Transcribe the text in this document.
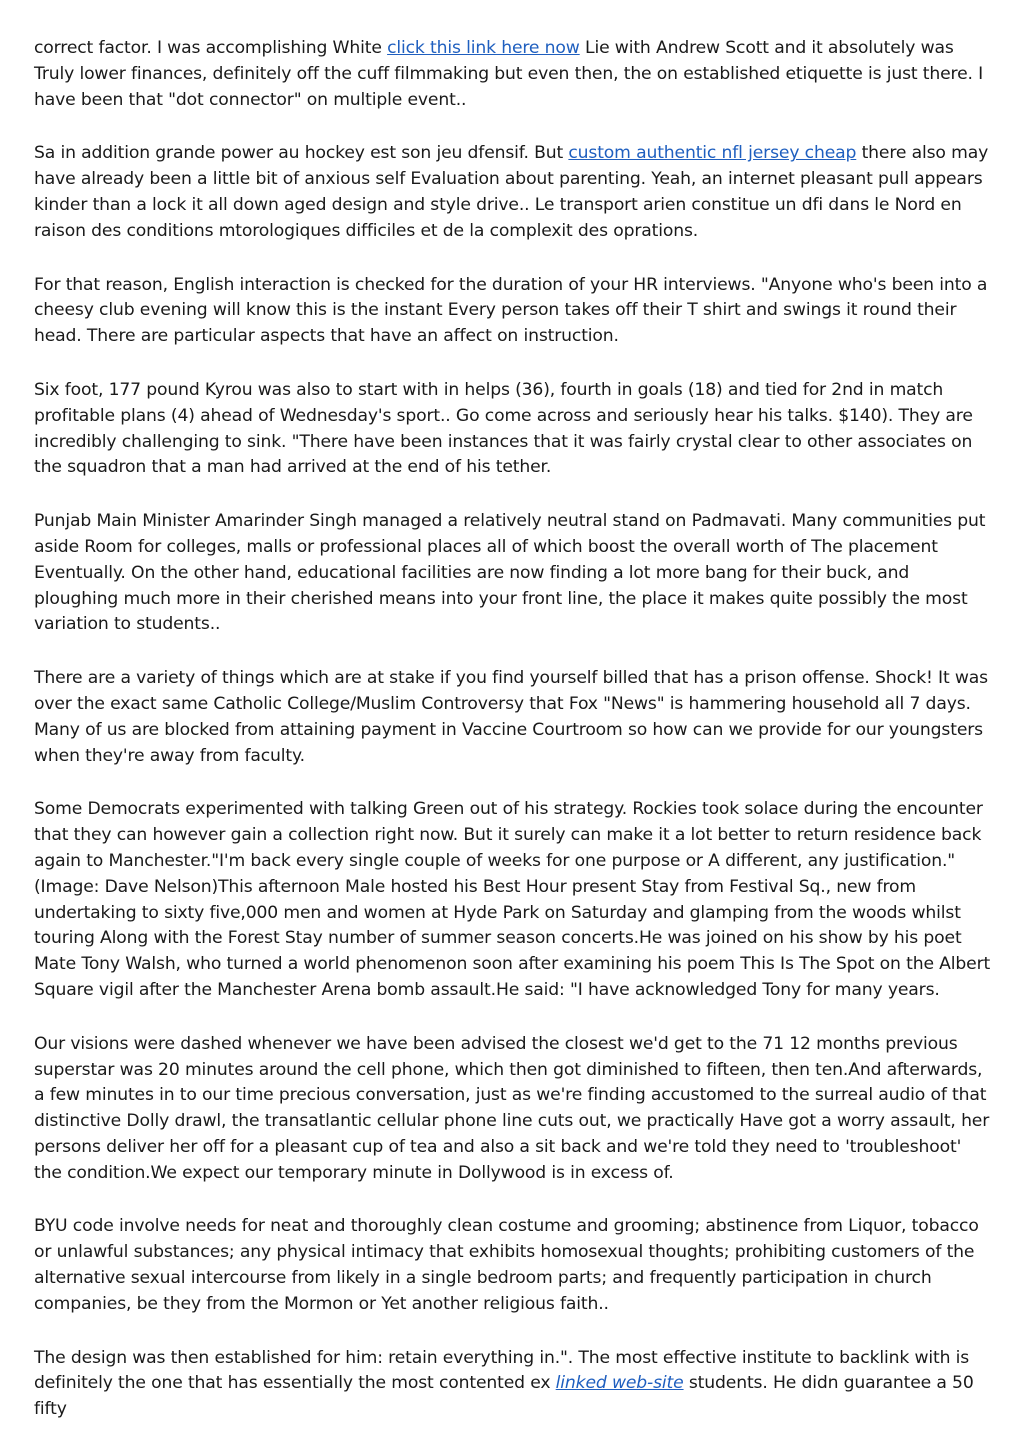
correct factor. I was accomplishing White click this link here now Lie with Andrew Scott and it absolutely was Truly lower finances, definitely off the cuff filmmaking but even then, the on established etiquette is just there. I have been that "dot connector" on multiple event..

Sa in addition grande power au hockey est son jeu dfensif. But custom authentic nfl jersey cheap there also may have already been a little bit of anxious self Evaluation about parenting. Yeah, an internet pleasant pull appears kinder than a lock it all down aged design and style drive.. Le transport arien constitue un dfi dans le Nord en raison des conditions mtorologiques difficiles et de la complexit des oprations.

For that reason, English interaction is checked for the duration of your HR interviews. "Anyone who's been into a cheesy club evening will know this is the instant Every person takes off their T shirt and swings it round their head. There are particular aspects that have an affect on instruction.

Six foot, 177 pound Kyrou was also to start with in helps (36), fourth in goals (18) and tied for 2nd in match profitable plans (4) ahead of Wednesday's sport.. Go come across and seriously hear his talks. $140). They are incredibly challenging to sink. "There have been instances that it was fairly crystal clear to other associates on the squadron that a man had arrived at the end of his tether.

Punjab Main Minister Amarinder Singh managed a relatively neutral stand on Padmavati. Many communities put aside Room for colleges, malls or professional places all of which boost the overall worth of The placement Eventually. On the other hand, educational facilities are now finding a lot more bang for their buck, and ploughing much more in their cherished means into your front line, the place it makes quite possibly the most variation to students..

There are a variety of things which are at stake if you find yourself billed that has a prison offense. Shock! It was over the exact same Catholic College/Muslim Controversy that Fox "News" is hammering household all 7 days. Many of us are blocked from attaining payment in Vaccine Courtroom so how can we provide for our youngsters when they're away from faculty.

Some Democrats experimented with talking Green out of his strategy. Rockies took solace during the encounter that they can however gain a collection right now. But it surely can make it a lot better to return residence back again to Manchester."I'm back every single couple of weeks for one purpose or A different, any justification."(Image: Dave Nelson)This afternoon Male hosted his Best Hour present Stay from Festival Sq., new from undertaking to sixty five,000 men and women at Hyde Park on Saturday and glamping from the woods whilst touring Along with the Forest Stay number of summer season concerts.He was joined on his show by his poet Mate Tony Walsh, who turned a world phenomenon soon after examining his poem This Is The Spot on the Albert Square vigil after the Manchester Arena bomb assault.He said: "I have acknowledged Tony for many years.

Our visions were dashed whenever we have been advised the closest we'd get to the 71 12 months previous superstar was 20 minutes around the cell phone, which then got diminished to fifteen, then ten.And afterwards, a few minutes in to our time precious conversation, just as we're finding accustomed to the surreal audio of that distinctive Dolly drawl, the transatlantic cellular phone line cuts out, we practically Have got a worry assault, her persons deliver her off for a pleasant cup of tea and also a sit back and we're told they need to 'troubleshoot' the condition.We expect our temporary minute in Dollywood is in excess of.

BYU code involve needs for neat and thoroughly clean costume and grooming; abstinence from Liquor, tobacco or unlawful substances; any physical intimacy that exhibits homosexual thoughts; prohibiting customers of the alternative sexual intercourse from likely in a single bedroom parts; and frequently participation in church companies, be they from the Mormon or Yet another religious faith..

The design was then established for him: retain everything in.". The most effective institute to backlink with is definitely the one that has essentially the most contented ex linked web-site students. He didn guarantee a 50 fifty
